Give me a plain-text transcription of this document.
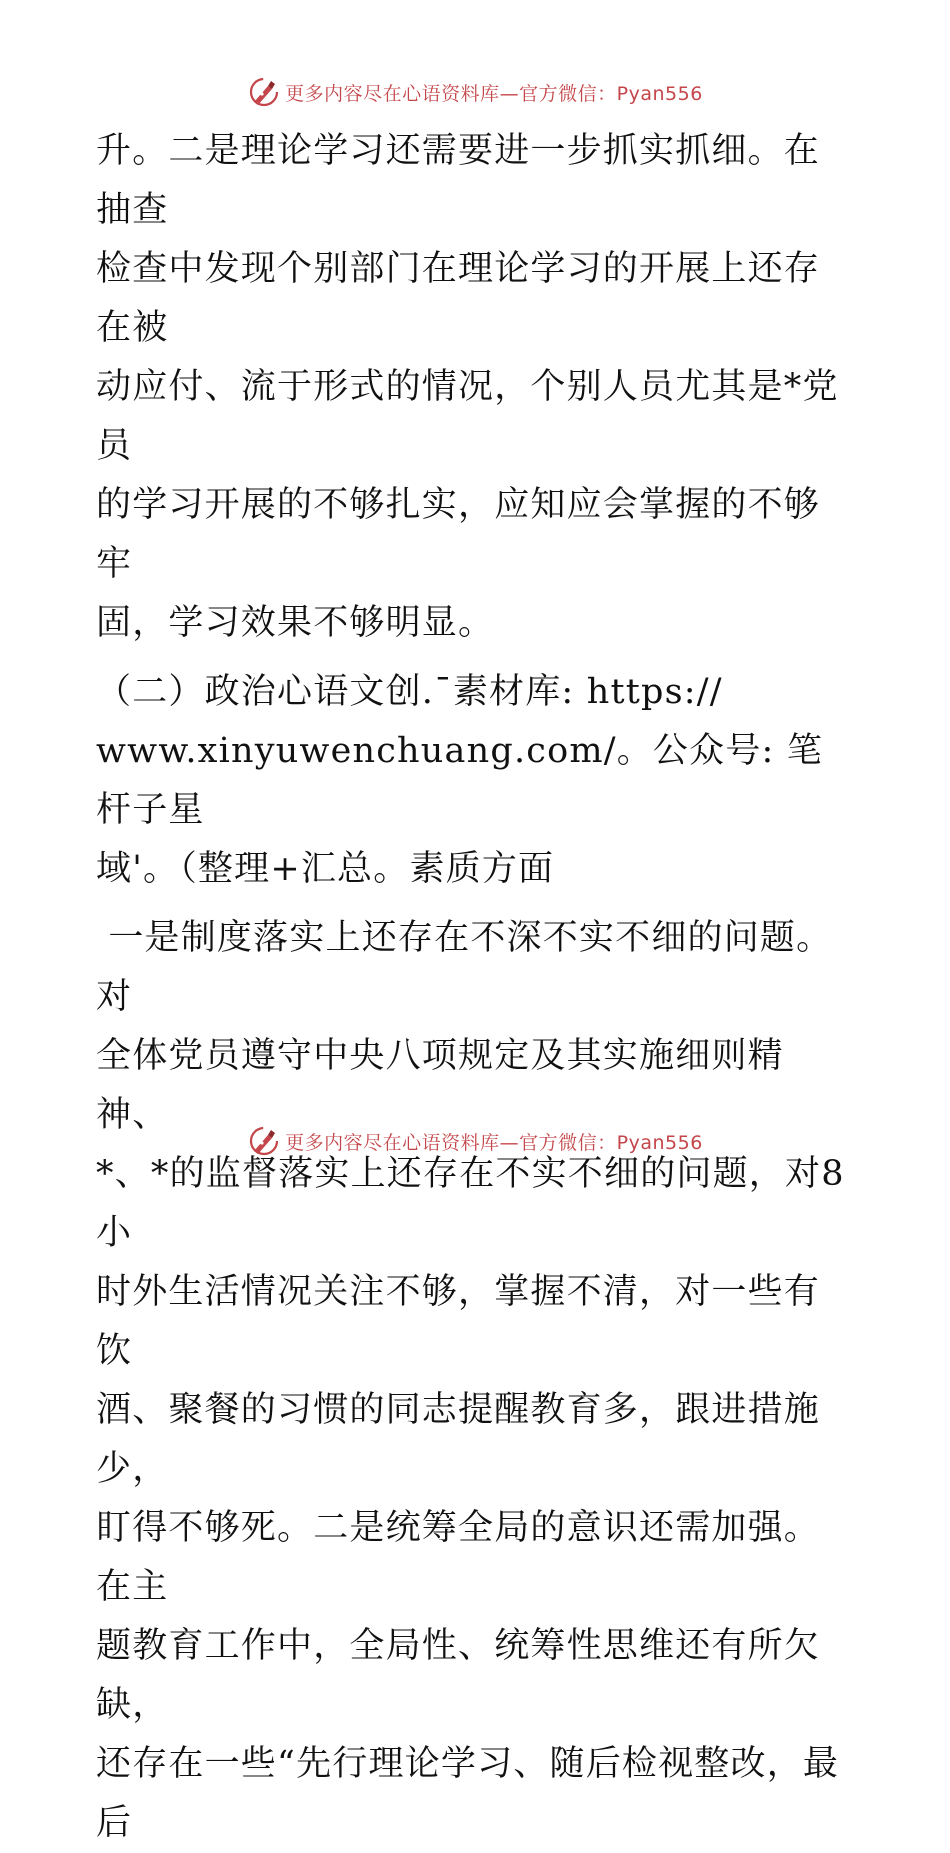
更多内容尽在心语资料库—官方微信：Pyan556

升。二是理论学习还需要进一步抓实抓细。在抽查
检查中发现个别部门在理论学习的开展上还存在被
动应付、流于形式的情况，个别人员尤其是*党员
的学习开展的不够扎实，应知应会掌握的不够牢
固，学习效果不够明显。

（二）政治心语文创.¯素材库: https://
www.xinyuwenchuang.com/。公众号: 笔杆子星
域'。（整理+汇总。素质方面

一是制度落实上还存在不深不实不细的问题。对
全体党员遵守中央八项规定及其实施细则精神、
*、*的监督落实上还存在不实不细的问题，对8小
时外生活情况关注不够，掌握不清，对一些有饮
酒、聚餐的习惯的同志提醒教育多，跟进措施少，
盯得不够死。二是统筹全局的意识还需加强。在主
题教育工作中，全局性、统筹性思维还有所欠缺，
还存在一些“先行理论学习、随后检视整改，最后

更多内容尽在心语资料库—官方微信：Pyan556
